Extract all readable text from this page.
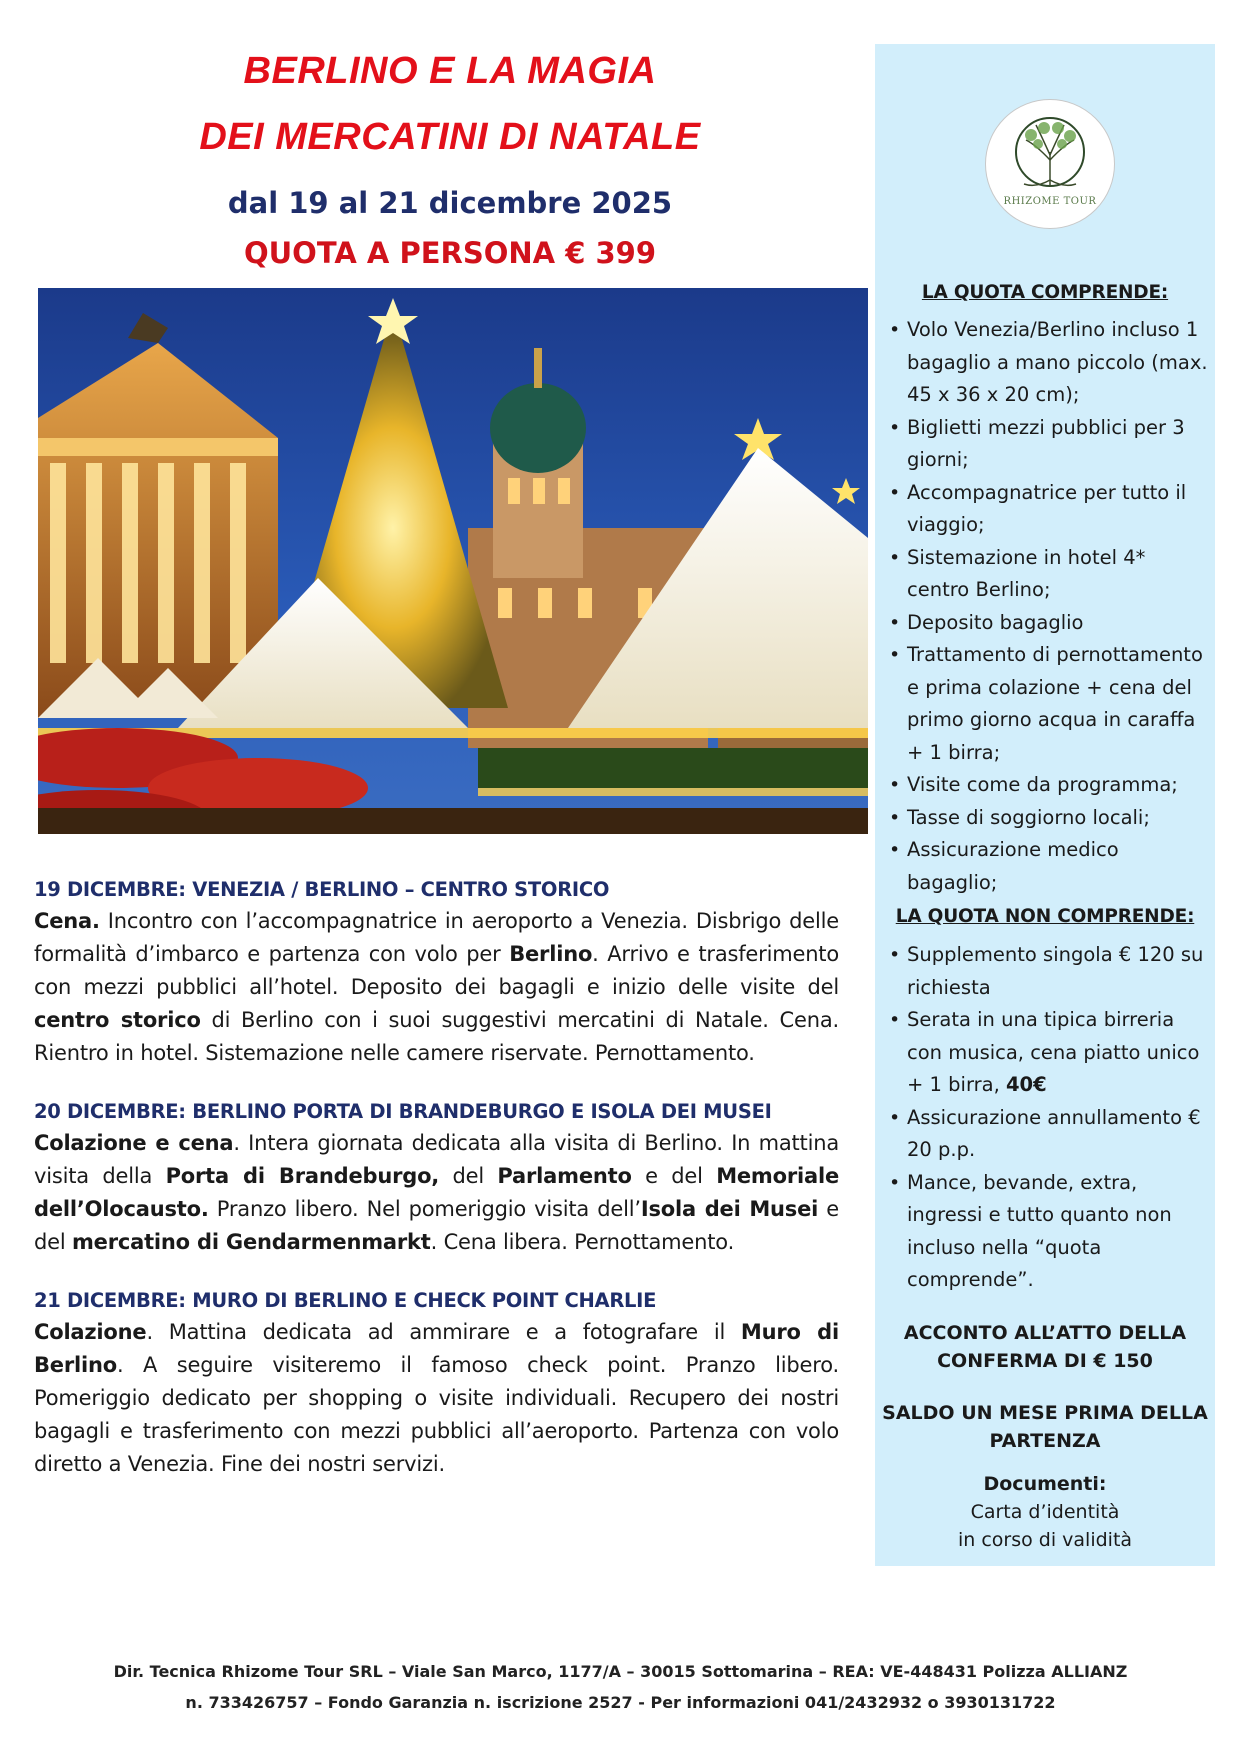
BERLINO E LA MAGIA
DEI MERCATINI DI NATALE
dal 19 al 21 dicembre 2025
QUOTA A PERSONA € 399
19 DICEMBRE: VENEZIA / BERLINO – CENTRO STORICO

Cena. Incontro con l’accompagnatrice in aeroporto a Venezia. Disbrigo delle formalità d’imbarco e partenza con volo per Berlino. Arrivo e trasferimento con mezzi pubblici all’hotel. Deposito dei bagagli e inizio delle visite del centro storico di Berlino con i suoi suggestivi mercatini di Natale. Cena. Rientro in hotel. Sistemazione nelle camere riservate. Pernottamento.

20 DICEMBRE: BERLINO PORTA DI BRANDEBURGO E ISOLA DEI MUSEI

Colazione e cena. Intera giornata dedicata alla visita di Berlino. In mattina visita della Porta di Brandeburgo, del Parlamento e del Memoriale dell’Olocausto. Pranzo libero. Nel pomeriggio visita dell’Isola dei Musei e del mercatino di Gendarmenmarkt. Cena libera. Pernottamento.

21 DICEMBRE: MURO DI BERLINO E CHECK POINT CHARLIE

Colazione. Mattina dedicata ad ammirare e a fotografare il Muro di Berlino. A seguire visiteremo il famoso check point. Pranzo libero. Pomeriggio dedicato per shopping o visite individuali. Recupero dei nostri bagagli e trasferimento con mezzi pubblici all’aeroporto. Partenza con volo diretto a Venezia. Fine dei nostri servizi.

RHIZOME TOUR
LA QUOTA COMPRENDE:
• Volo Venezia/Berlino incluso 1 bagaglio a mano piccolo (max. 45 x 36 x 20 cm);
• Biglietti mezzi pubblici per 3 giorni;
• Accompagnatrice per tutto il viaggio;
• Sistemazione in hotel 4* centro Berlino;
• Deposito bagaglio
• Trattamento di pernottamento e prima colazione + cena del primo giorno acqua in caraffa + 1 birra;
• Visite come da programma;
• Tasse di soggiorno locali;
• Assicurazione medico bagaglio;
LA QUOTA NON COMPRENDE:
• Supplemento singola € 120 su richiesta
• Serata in una tipica birreria con musica, cena piatto unico + 1 birra, 40€
• Assicurazione annullamento € 20 p.p.
• Mance, bevande, extra, ingressi e tutto quanto non incluso nella “quota comprende”.
ACCONTO ALL’ATTO DELLA
CONFERMA DI € 150
SALDO UN MESE PRIMA DELLA
PARTENZA
Documenti:
Carta d’identità
in corso di validità
Dir. Tecnica Rhizome Tour SRL – Viale San Marco, 1177/A – 30015 Sottomarina – REA: VE-448431 Polizza ALLIANZ
n. 733426757 – Fondo Garanzia n. iscrizione 2527 - Per informazioni 041/2432932 o 3930131722
